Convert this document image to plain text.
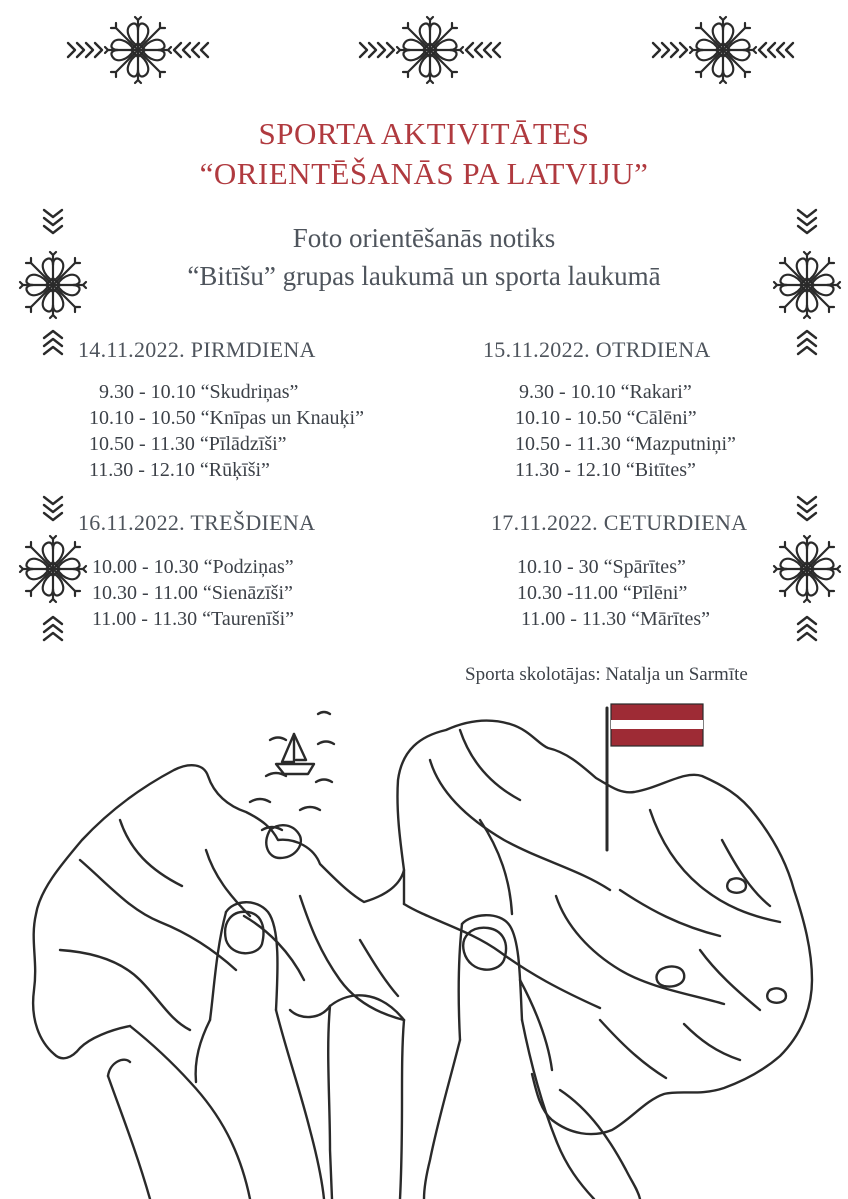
SPORTA AKTIVITĀTES
“ORIENTĒŠANĀS PA LATVIJU”
Foto orientēšanās notiks
“Bitīšu” grupas laukumā un sporta laukumā
14.11.2022. PIRMDIENA
9.30 - 10.10 “Skudriņas”
10.10 - 10.50 “Knīpas un Knauķi”
10.50 - 11.30 “Pīlādzīši”
11.30 - 12.10 “Rūķīši”
15.11.2022. OTRDIENA
9.30 - 10.10 “Rakari”
10.10 - 10.50 “Cālēni”
10.50 - 11.30 “Mazputniņi”
11.30 - 12.10 “Bitītes”
16.11.2022. TREŠDIENA
10.00 - 10.30 “Podziņas”
10.30 - 11.00 “Sienāzīši”
11.00 - 11.30 “Taurenīši”
17.11.2022. CETURDIENA
10.10 - 30 “Spārītes”
10.30 -11.00 “Pīlēni”
11.00 - 11.30 “Mārītes”
Sporta skolotājas: Natalja un Sarmīte
